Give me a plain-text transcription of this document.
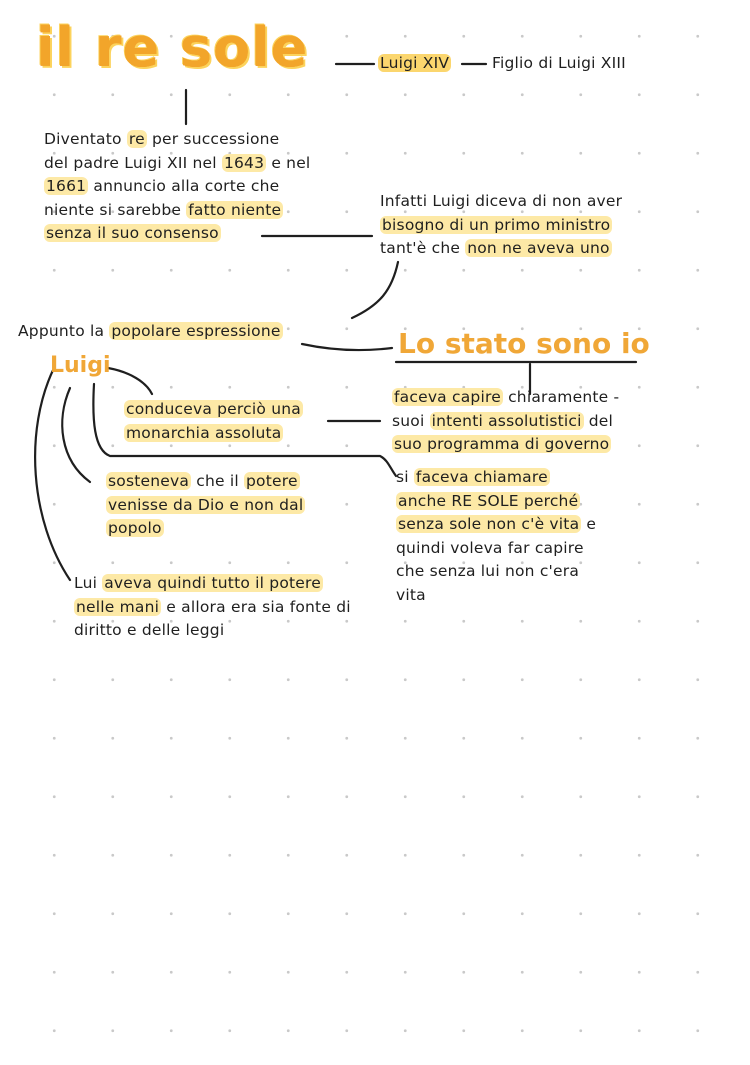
il re sole	Luigi XIV	Figlio di Luigi XIII
Diventato re per successione
del padre Luigi XII nel 1643 e nel
1661 annuncio alla corte che
niente si sarebbe fatto niente
senza il suo consenso
Infatti Luigi diceva di non aver
bisogno di un primo ministro
tant'è che non ne aveva uno
Appunto la popolare espressione	Lo stato sono io
Luigi
conduceva perciò una
monarchia assoluta
faceva capire chiaramente -
suoi intenti assolutistici del
suo programma di governo
sosteneva che il potere
venisse da Dio e non dal
popolo
si faceva chiamare
anche RE SOLE perché
senza sole non c'è vita e
quindi voleva far capire
che senza lui non c'era
vita
Lui aveva quindi tutto il potere
nelle mani e allora era sia fonte di
diritto e delle leggi
